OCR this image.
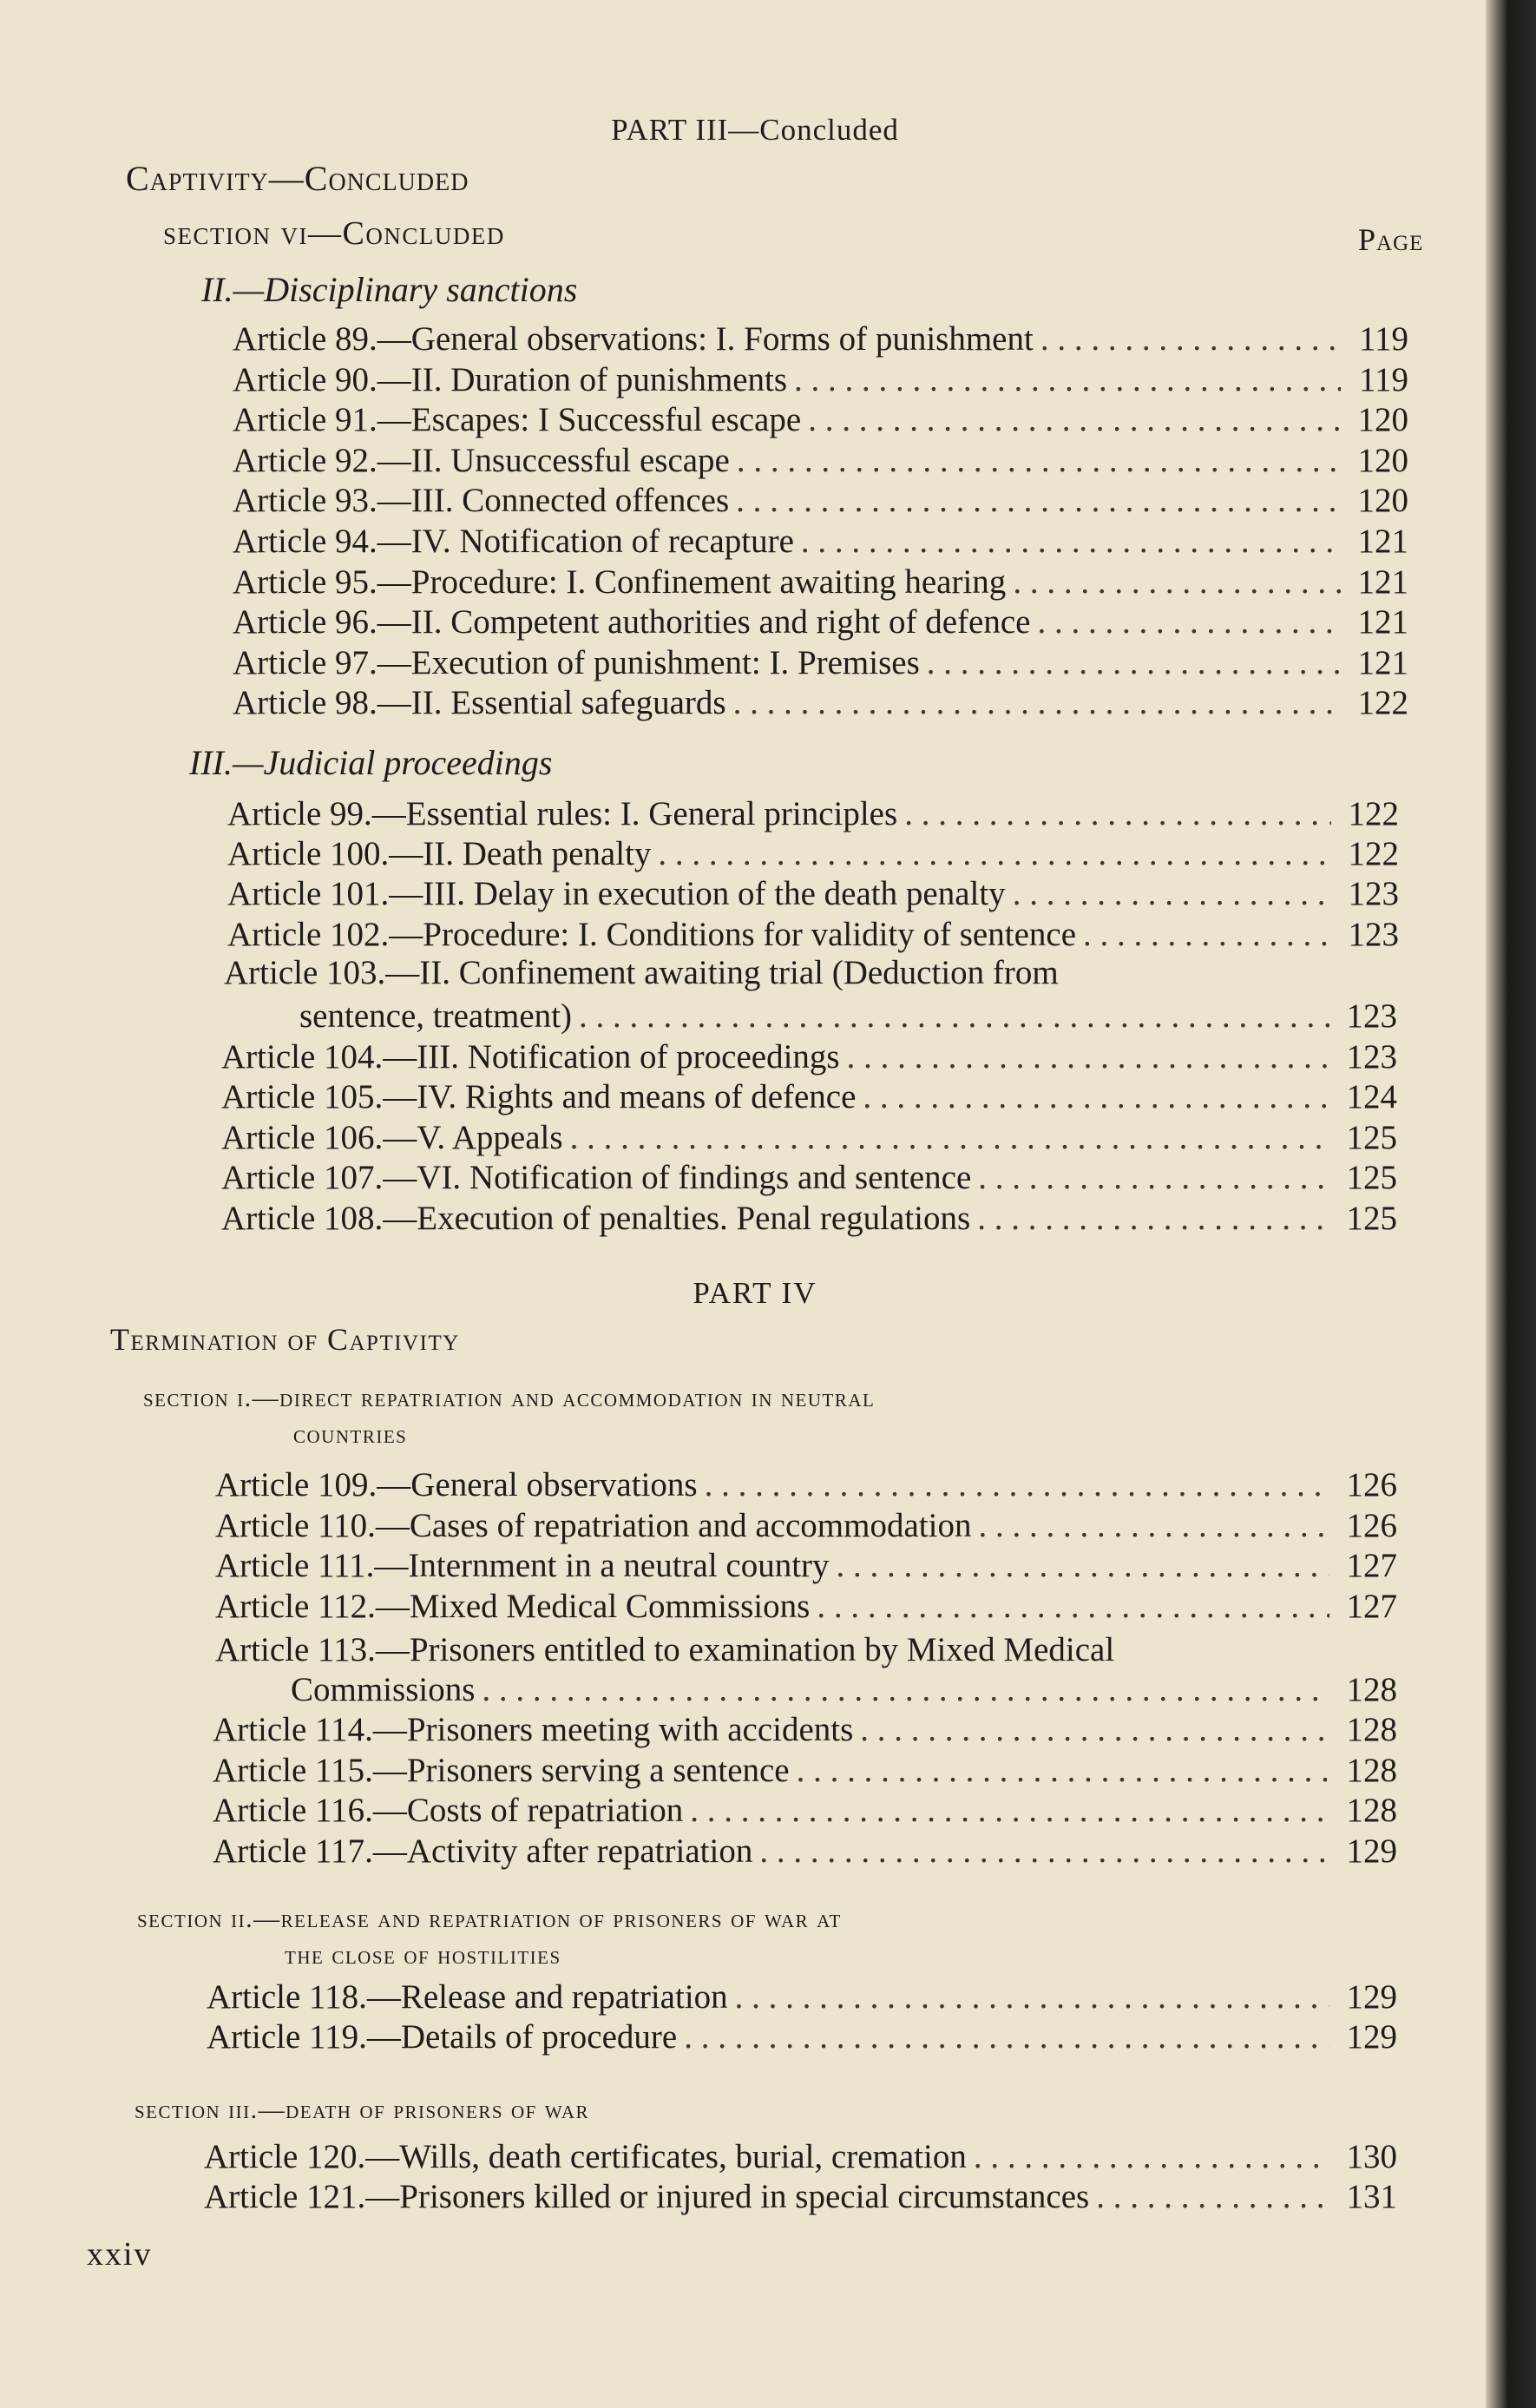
PART III—Concluded
Captivity—Concluded
section vi—Concluded	Page
II.—Disciplinary sanctions
Article 89.—General observations: I. Forms of punishment . . .	119
Article 90.—II. Duration of punishments . . .	119
Article 91.—Escapes: I Successful escape . . .	120
Article 92.—II. Unsuccessful escape . . .	120
Article 93.—III. Connected offences . . .	120
Article 94.—IV. Notification of recapture . . .	121
Article 95.—Procedure: I. Confinement awaiting hearing . . .	121
Article 96.—II. Competent authorities and right of defence . . .	121
Article 97.—Execution of punishment: I. Premises . . .	121
Article 98.—II. Essential safeguards . . .	122
III.—Judicial proceedings
Article 99.—Essential rules: I. General principles . . .	122
Article 100.—II. Death penalty . . .	122
Article 101.—III. Delay in execution of the death penalty . . .	123
Article 102.—Procedure: I. Conditions for validity of sentence . . .	123
Article 103.—II. Confinement awaiting trial (Deduction from
sentence, treatment) . . .	123
Article 104.—III. Notification of proceedings . . .	123
Article 105.—IV. Rights and means of defence . . .	124
Article 106.—V. Appeals . . .	125
Article 107.—VI. Notification of findings and sentence . . .	125
Article 108.—Execution of penalties. Penal regulations . . .	125
PART IV
Termination of Captivity
section i.—direct repatriation and accommodation in neutral
countries
Article 109.—General observations . . .	126
Article 110.—Cases of repatriation and accommodation . . .	126
Article 111.—Internment in a neutral country . . .	127
Article 112.—Mixed Medical Commissions . . .	127
Article 113.—Prisoners entitled to examination by Mixed Medical
Commissions . . .	128
Article 114.—Prisoners meeting with accidents . . .	128
Article 115.—Prisoners serving a sentence . . .	128
Article 116.—Costs of repatriation . . .	128
Article 117.—Activity after repatriation . . .	129
section ii.—release and repatriation of prisoners of war at
the close of hostilities
Article 118.—Release and repatriation . . .	129
Article 119.—Details of procedure . . .	129
section iii.—death of prisoners of war
Article 120.—Wills, death certificates, burial, cremation . . .	130
Article 121.—Prisoners killed or injured in special circumstances . . .	131
xxiv
